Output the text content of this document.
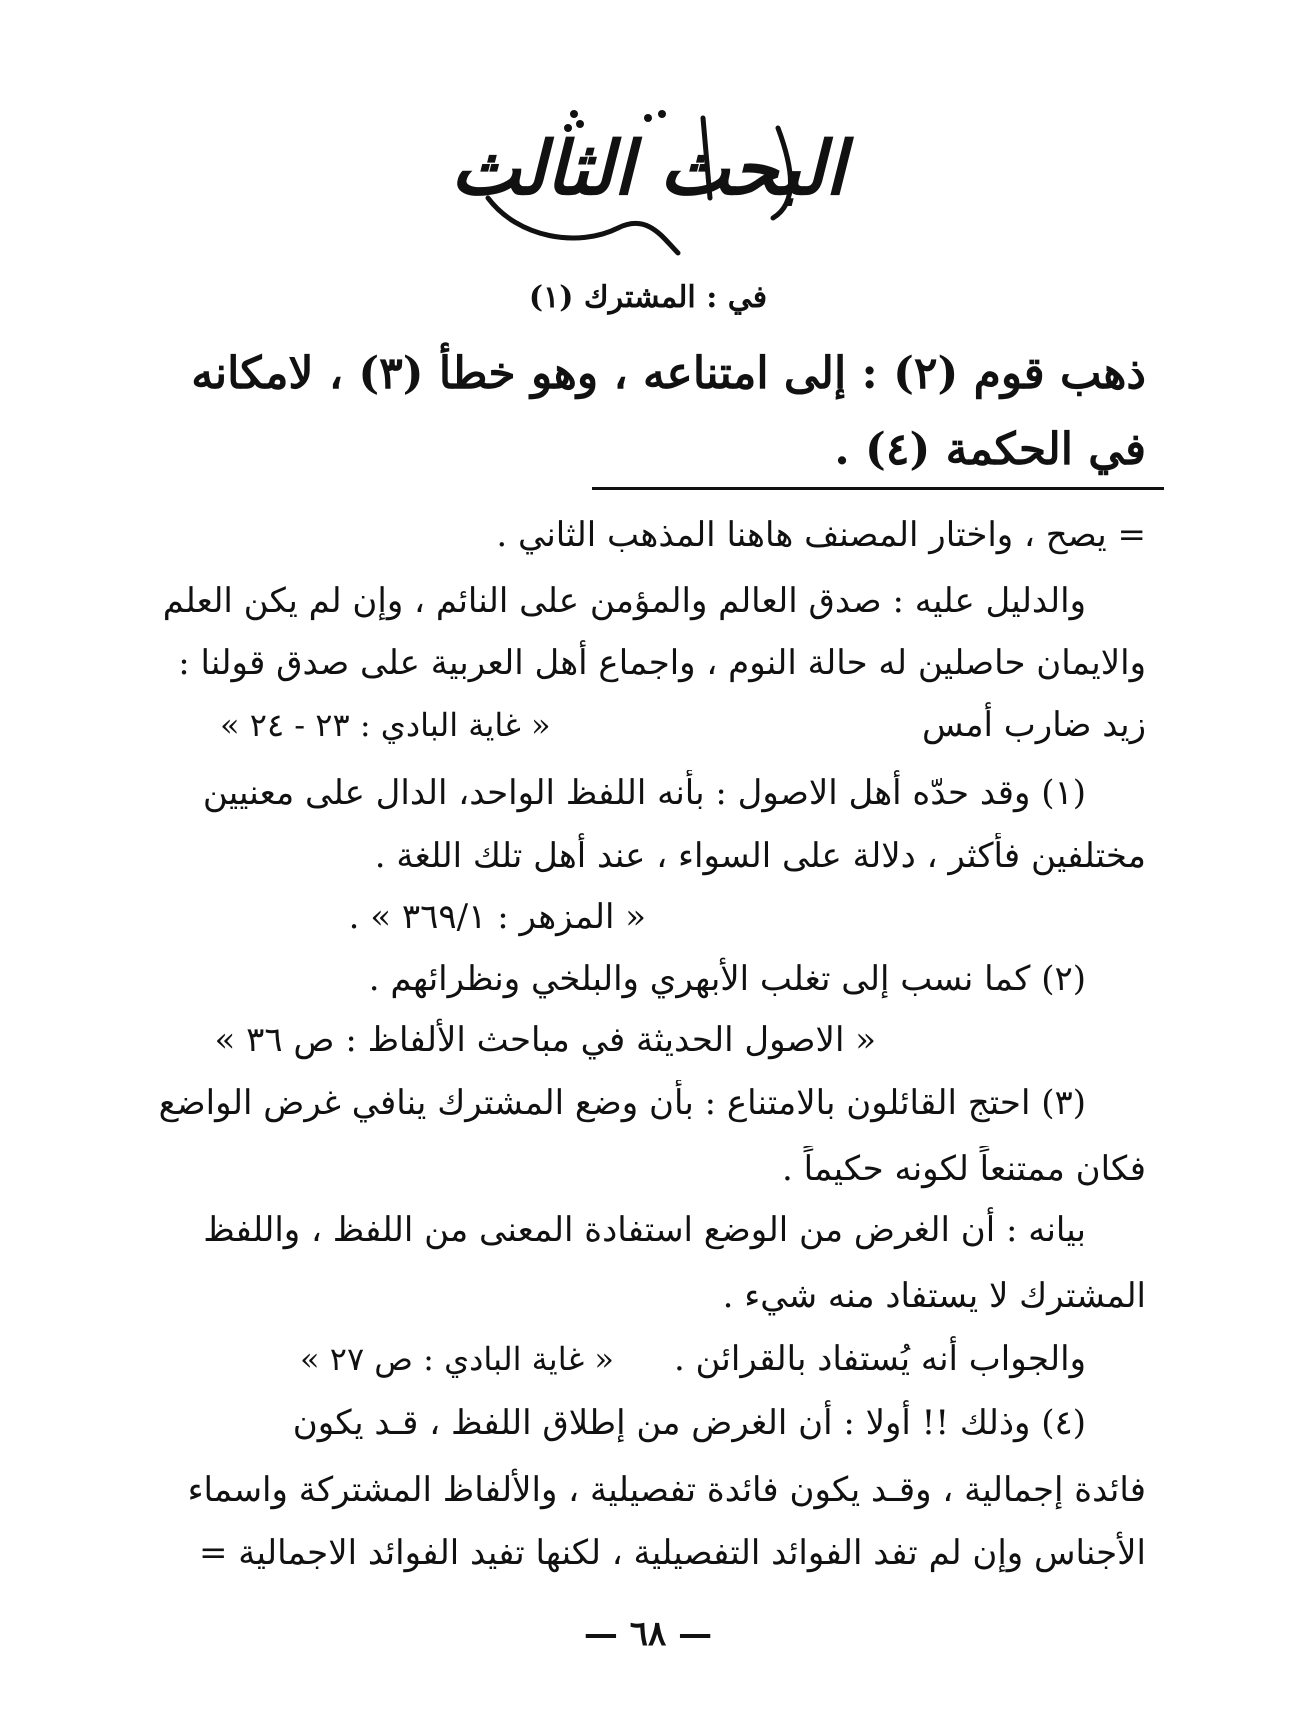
البحث الثالث
في : المشترك (١)
ذهب قوم (٢) : إلى امتناعه ، وهو خطأ (٣) ، لامكانه
في الحكمة (٤) .
= يصح ، واختار المصنف هاهنا المذهب الثاني .
والدليل عليه : صدق العالم والمؤمن على النائم ، وإن لم يكن العلم
والايمان حاصلين له حالة النوم ، واجماع أهل العربية على صدق قولنا :
زيد ضارب أمس
« غاية البادي : ٢٣ - ٢٤ »
(١) وقد حدّه أهل الاصول : بأنه اللفظ الواحد، الدال على معنيين
مختلفين فأكثر ، دلالة على السواء ، عند أهل تلك اللغة .
« المزهر : ٣٦٩/١ » .
(٢) كما نسب إلى تغلب الأبهري والبلخي ونظرائهم .
« الاصول الحديثة في مباحث الألفاظ : ص ٣٦ »
(٣) احتج القائلون بالامتناع : بأن وضع المشترك ينافي غرض الواضع
فكان ممتنعاً لكونه حكيماً .
بيانه : أن الغرض من الوضع استفادة المعنى من اللفظ ، واللفظ
المشترك لا يستفاد منه شيء .
والجواب أنه يُستفاد بالقرائن .
« غاية البادي : ص ٢٧ »
(٤) وذلك !! أولا : أن الغرض من إطلاق اللفظ ، قـد يكون
فائدة إجمالية ، وقـد يكون فائدة تفصيلية ، والألفاظ المشتركة واسماء
الأجناس وإن لم تفد الفوائد التفصيلية ، لكنها تفيد الفوائد الاجمالية =
— ٦٨ —
